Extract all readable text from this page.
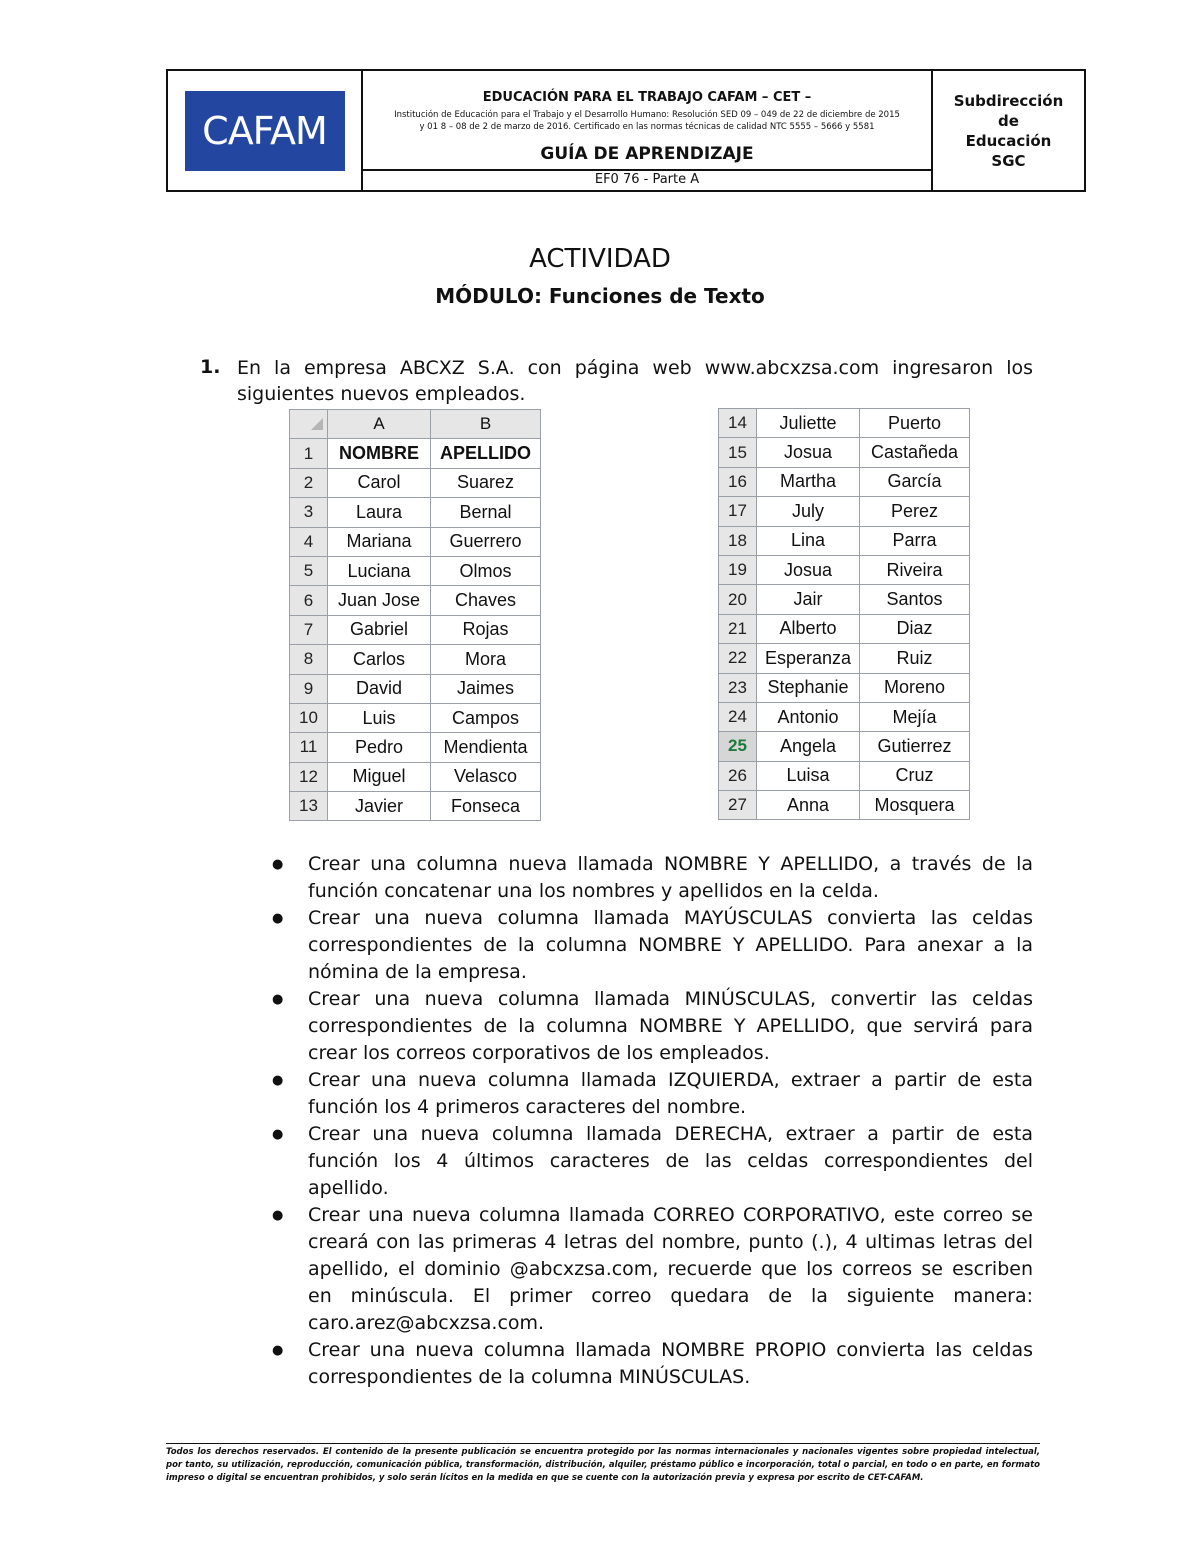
CAFAM
EDUCACIÓN PARA EL TRABAJO CAFAM – CET –
Institución de Educación para el Trabajo y el Desarrollo Humano: Resolución SED 09 – 049 de 22 de diciembre de 2015
y 01 8 – 08 de 2 de marzo de 2016. Certificado en las normas técnicas de calidad NTC 5555 – 5666 y 5581
GUÍA DE APRENDIZAJE
EF0 76 - Parte A
Subdirección
de
Educación
SGC
ACTIVIDAD
MÓDULO: Funciones de Texto
1. En la empresa ABCXZ S.A. con página web www.abcxzsa.com ingresaron los siguientes nuevos empleados.
	A	B
1	NOMBRE	APELLIDO
2	Carol	Suarez
3	Laura	Bernal
4	Mariana	Guerrero
5	Luciana	Olmos
6	Juan Jose	Chaves
7	Gabriel	Rojas
8	Carlos	Mora
9	David	Jaimes
10	Luis	Campos
11	Pedro	Mendienta
12	Miguel	Velasco
13	Javier	Fonseca
14	Juliette	Puerto
15	Josua	Castañeda
16	Martha	García
17	July	Perez
18	Lina	Parra
19	Josua	Riveira
20	Jair	Santos
21	Alberto	Diaz
22	Esperanza	Ruiz
23	Stephanie	Moreno
24	Antonio	Mejía
25	Angela	Gutierrez
26	Luisa	Cruz
27	Anna	Mosquera
● Crear una columna nueva llamada NOMBRE Y APELLIDO, a través de la función concatenar una los nombres y apellidos en la celda.
● Crear una nueva columna llamada MAYÚSCULAS convierta las celdas correspondientes de la columna NOMBRE Y APELLIDO. Para anexar a la nómina de la empresa.
● Crear una nueva columna llamada MINÚSCULAS, convertir las celdas correspondientes de la columna NOMBRE Y APELLIDO, que servirá para crear los correos corporativos de los empleados.
● Crear una nueva columna llamada IZQUIERDA, extraer a partir de esta función los 4 primeros caracteres del nombre.
● Crear una nueva columna llamada DERECHA, extraer a partir de esta función los 4 últimos caracteres de las celdas correspondientes del apellido.
● Crear una nueva columna llamada CORREO CORPORATIVO, este correo se creará con las primeras 4 letras del nombre, punto (.), 4 ultimas letras del apellido, el dominio @abcxzsa.com, recuerde que los correos se escriben en minúscula. El primer correo quedara de la siguiente manera: caro.arez@abcxzsa.com.
● Crear una nueva columna llamada NOMBRE PROPIO convierta las celdas correspondientes de la columna MINÚSCULAS.
Todos los derechos reservados. El contenido de la presente publicación se encuentra protegido por las normas internacionales y nacionales vigentes sobre propiedad intelectual, por tanto, su utilización, reproducción, comunicación pública, transformación, distribución, alquiler, préstamo público e incorporación, total o parcial, en todo o en parte, en formato impreso o digital se encuentran prohibidos, y solo serán lícitos en la medida en que se cuente con la autorización previa y expresa por escrito de CET-CAFAM.
